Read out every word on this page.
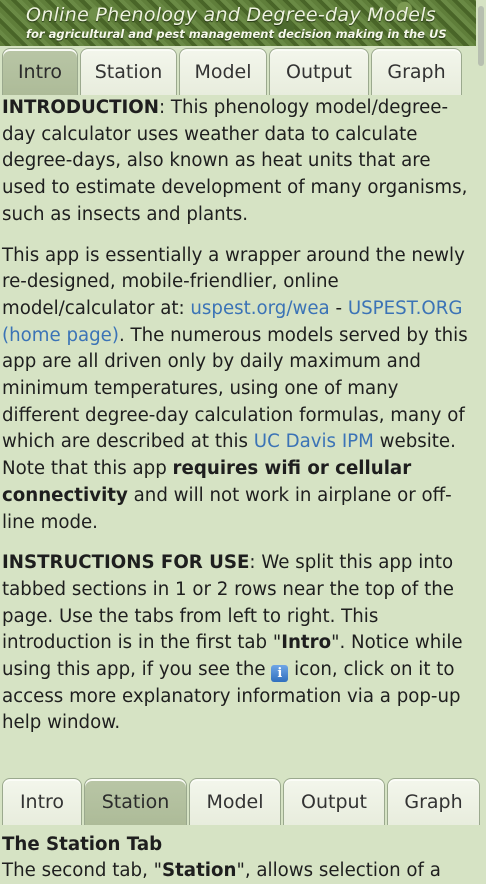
Online Phenology and Degree-day Models
for agricultural and pest management decision making in the US
Intro	Station	Model	Output	Graph

INTRODUCTION: This phenology model/degree-day calculator uses weather data to calculate degree-days, also known as heat units that are used to estimate development of many organisms, such as insects and plants.

This app is essentially a wrapper around the newly re-designed, mobile-friendlier, online model/calculator at: uspest.org/wea - USPEST.ORG (home page). The numerous models served by this app are all driven only by daily maximum and minimum temperatures, using one of many different degree-day calculation formulas, many of which are described at this UC Davis IPM website. Note that this app requires wifi or cellular connectivity and will not work in airplane or off-line mode.

INSTRUCTIONS FOR USE: We split this app into tabbed sections in 1 or 2 rows near the top of the page. Use the tabs from left to right. This introduction is in the first tab "Intro". Notice while using this app, if you see the i icon, click on it to access more explanatory information via a pop-up help window.

Intro	Station	Model	Output	Graph

The Station Tab

The second tab, "Station", allows selection of a
